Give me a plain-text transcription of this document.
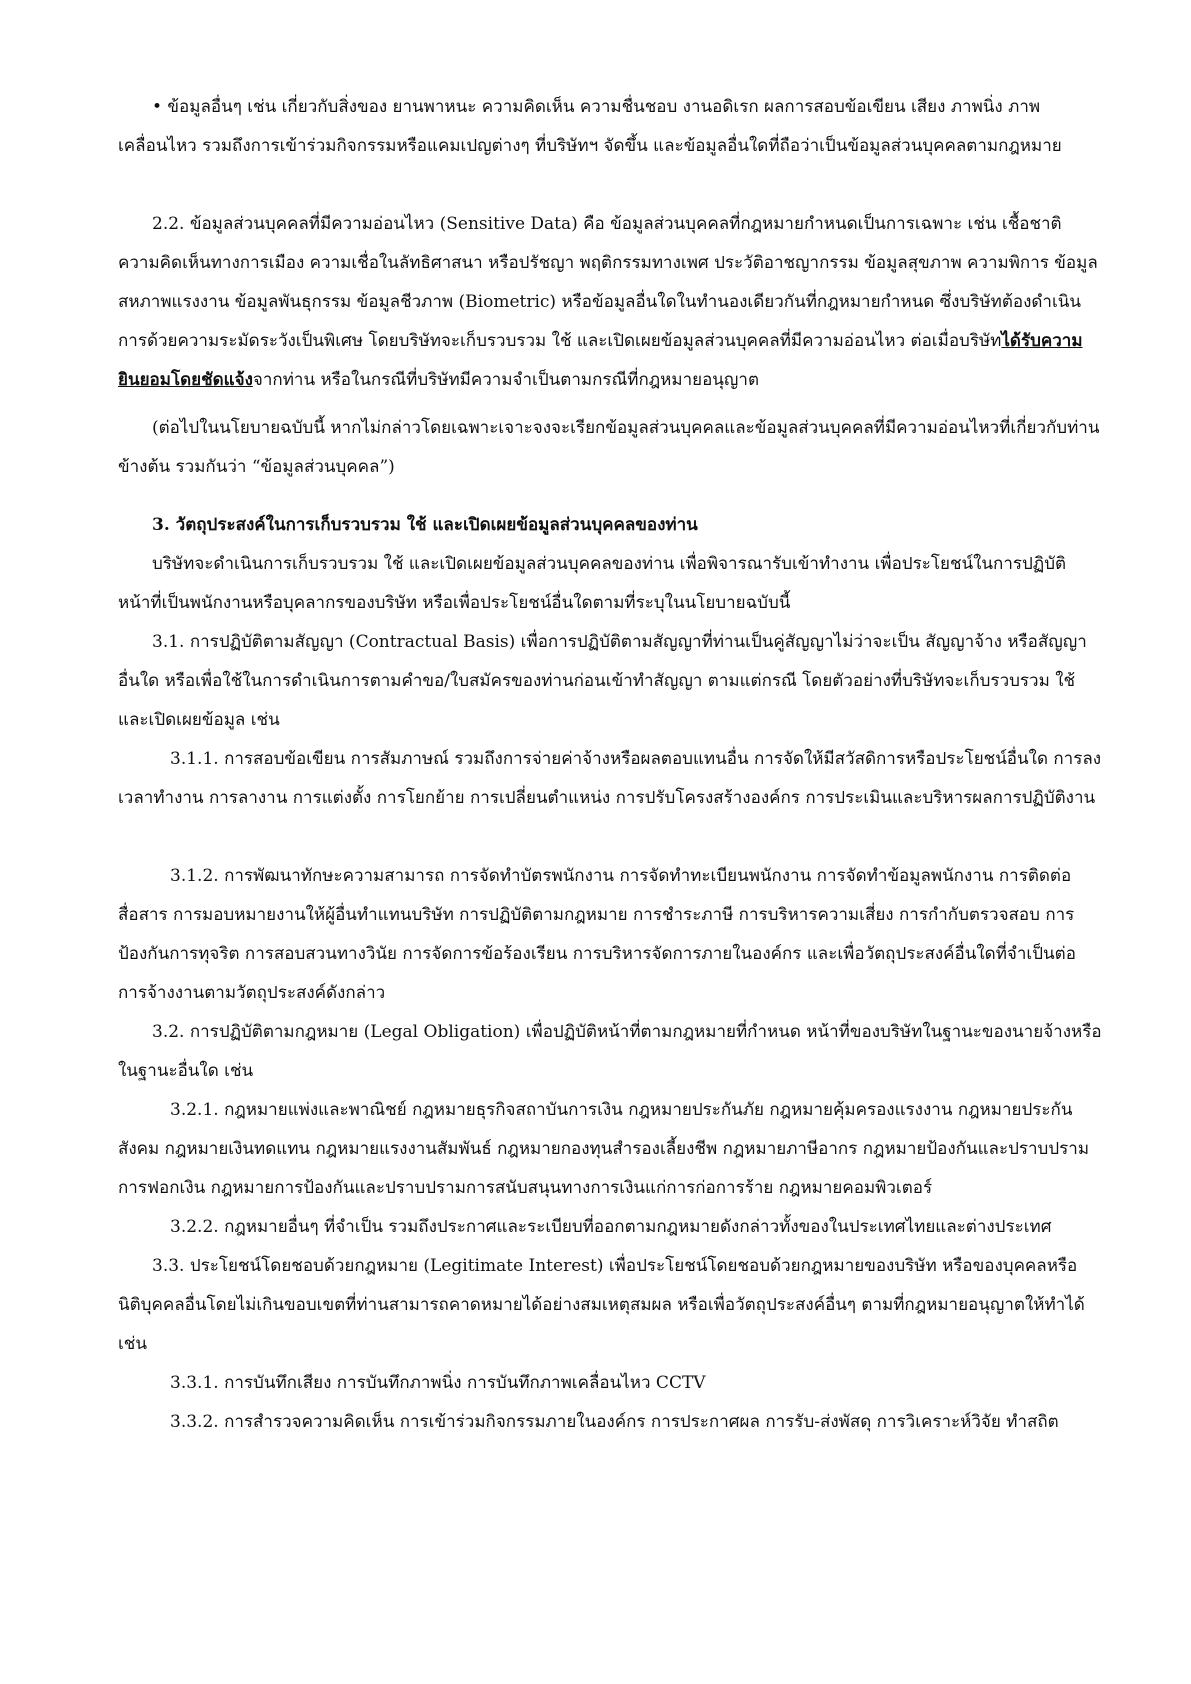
• ข้อมูลอื่นๆ เช่น เกี่ยวกับสิ่งของ ยานพาหนะ ความคิดเห็น ความชื่นชอบ งานอดิเรก ผลการสอบข้อเขียน เสียง ภาพนิ่ง ภาพเคลื่อนไหว รวมถึงการเข้าร่วมกิจกรรมหรือแคมเปญต่างๆ ที่บริษัทฯ จัดขึ้น และข้อมูลอื่นใดที่ถือว่าเป็นข้อมูลส่วนบุคคลตามกฎหมาย

2.2. ข้อมูลส่วนบุคคลที่มีความอ่อนไหว (Sensitive Data) คือ ข้อมูลส่วนบุคคลที่กฎหมายกำหนดเป็นการเฉพาะ เช่น เชื้อชาติ ความคิดเห็นทางการเมือง ความเชื่อในลัทธิศาสนา หรือปรัชญา พฤติกรรมทางเพศ ประวัติอาชญากรรม ข้อมูลสุขภาพ ความพิการ ข้อมูลสหภาพแรงงาน ข้อมูลพันธุกรรม ข้อมูลชีวภาพ (Biometric) หรือข้อมูลอื่นใดในทำนองเดียวกันที่กฎหมายกำหนด ซึ่งบริษัทต้องดำเนินการด้วยความระมัดระวังเป็นพิเศษ โดยบริษัทจะเก็บรวบรวม ใช้ และเปิดเผยข้อมูลส่วนบุคคลที่มีความอ่อนไหว ต่อเมื่อบริษัทได้รับความยินยอมโดยชัดแจ้งจากท่าน หรือในกรณีที่บริษัทมีความจำเป็นตามกรณีที่กฎหมายอนุญาต

(ต่อไปในนโยบายฉบับนี้ หากไม่กล่าวโดยเฉพาะเจาะจงจะเรียกข้อมูลส่วนบุคคลและข้อมูลส่วนบุคคลที่มีความอ่อนไหวที่เกี่ยวกับท่านข้างต้น รวมกันว่า “ข้อมูลส่วนบุคคล”)

3. วัตถุประสงค์ในการเก็บรวบรวม ใช้ และเปิดเผยข้อมูลส่วนบุคคลของท่าน

บริษัทจะดำเนินการเก็บรวบรวม ใช้ และเปิดเผยข้อมูลส่วนบุคคลของท่าน เพื่อพิจารณารับเข้าทำงาน เพื่อประโยชน์ในการปฏิบัติหน้าที่เป็นพนักงานหรือบุคลากรของบริษัท หรือเพื่อประโยชน์อื่นใดตามที่ระบุในนโยบายฉบับนี้

3.1. การปฏิบัติตามสัญญา (Contractual Basis) เพื่อการปฏิบัติตามสัญญาที่ท่านเป็นคู่สัญญาไม่ว่าจะเป็น สัญญาจ้าง หรือสัญญาอื่นใด หรือเพื่อใช้ในการดำเนินการตามคำขอ/ใบสมัครของท่านก่อนเข้าทำสัญญา ตามแต่กรณี โดยตัวอย่างที่บริษัทจะเก็บรวบรวม ใช้ และเปิดเผยข้อมูล เช่น

3.1.1. การสอบข้อเขียน การสัมภาษณ์ รวมถึงการจ่ายค่าจ้างหรือผลตอบแทนอื่น การจัดให้มีสวัสดิการหรือประโยชน์อื่นใด การลงเวลาทำงาน การลางาน การแต่งตั้ง การโยกย้าย การเปลี่ยนตำแหน่ง การปรับโครงสร้างองค์กร การประเมินและบริหารผลการปฏิบัติงาน

3.1.2. การพัฒนาทักษะความสามารถ การจัดทำบัตรพนักงาน การจัดทำทะเบียนพนักงาน การจัดทำข้อมูลพนักงาน การติดต่อสื่อสาร การมอบหมายงานให้ผู้อื่นทำแทนบริษัท การปฏิบัติตามกฎหมาย การชำระภาษี การบริหารความเสี่ยง การกำกับตรวจสอบ การป้องกันการทุจริต การสอบสวนทางวินัย การจัดการข้อร้องเรียน การบริหารจัดการภายในองค์กร และเพื่อวัตถุประสงค์อื่นใดที่จำเป็นต่อการจ้างงานตามวัตถุประสงค์ดังกล่าว

3.2. การปฏิบัติตามกฎหมาย (Legal Obligation) เพื่อปฏิบัติหน้าที่ตามกฎหมายที่กำหนด หน้าที่ของบริษัทในฐานะของนายจ้างหรือในฐานะอื่นใด เช่น

3.2.1. กฎหมายแพ่งและพาณิชย์ กฎหมายธุรกิจสถาบันการเงิน กฎหมายประกันภัย กฎหมายคุ้มครองแรงงาน กฎหมายประกันสังคม กฎหมายเงินทดแทน กฎหมายแรงงานสัมพันธ์ กฎหมายกองทุนสำรองเลี้ยงชีพ กฎหมายภาษีอากร กฎหมายป้องกันและปราบปรามการฟอกเงิน กฎหมายการป้องกันและปราบปรามการสนับสนุนทางการเงินแก่การก่อการร้าย กฎหมายคอมพิวเตอร์

3.2.2. กฎหมายอื่นๆ ที่จำเป็น รวมถึงประกาศและระเบียบที่ออกตามกฎหมายดังกล่าวทั้งของในประเทศไทยและต่างประเทศ

3.3. ประโยชน์โดยชอบด้วยกฎหมาย (Legitimate Interest) เพื่อประโยชน์โดยชอบด้วยกฎหมายของบริษัท หรือของบุคคลหรือนิติบุคคลอื่นโดยไม่เกินขอบเขตที่ท่านสามารถคาดหมายได้อย่างสมเหตุสมผล หรือเพื่อวัตถุประสงค์อื่นๆ ตามที่กฎหมายอนุญาตให้ทำได้เช่น

3.3.1. การบันทึกเสียง การบันทึกภาพนิ่ง การบันทึกภาพเคลื่อนไหว CCTV

3.3.2. การสำรวจความคิดเห็น การเข้าร่วมกิจกรรมภายในองค์กร การประกาศผล การรับ-ส่งพัสดุ การวิเคราะห์วิจัย ทำสถิต
